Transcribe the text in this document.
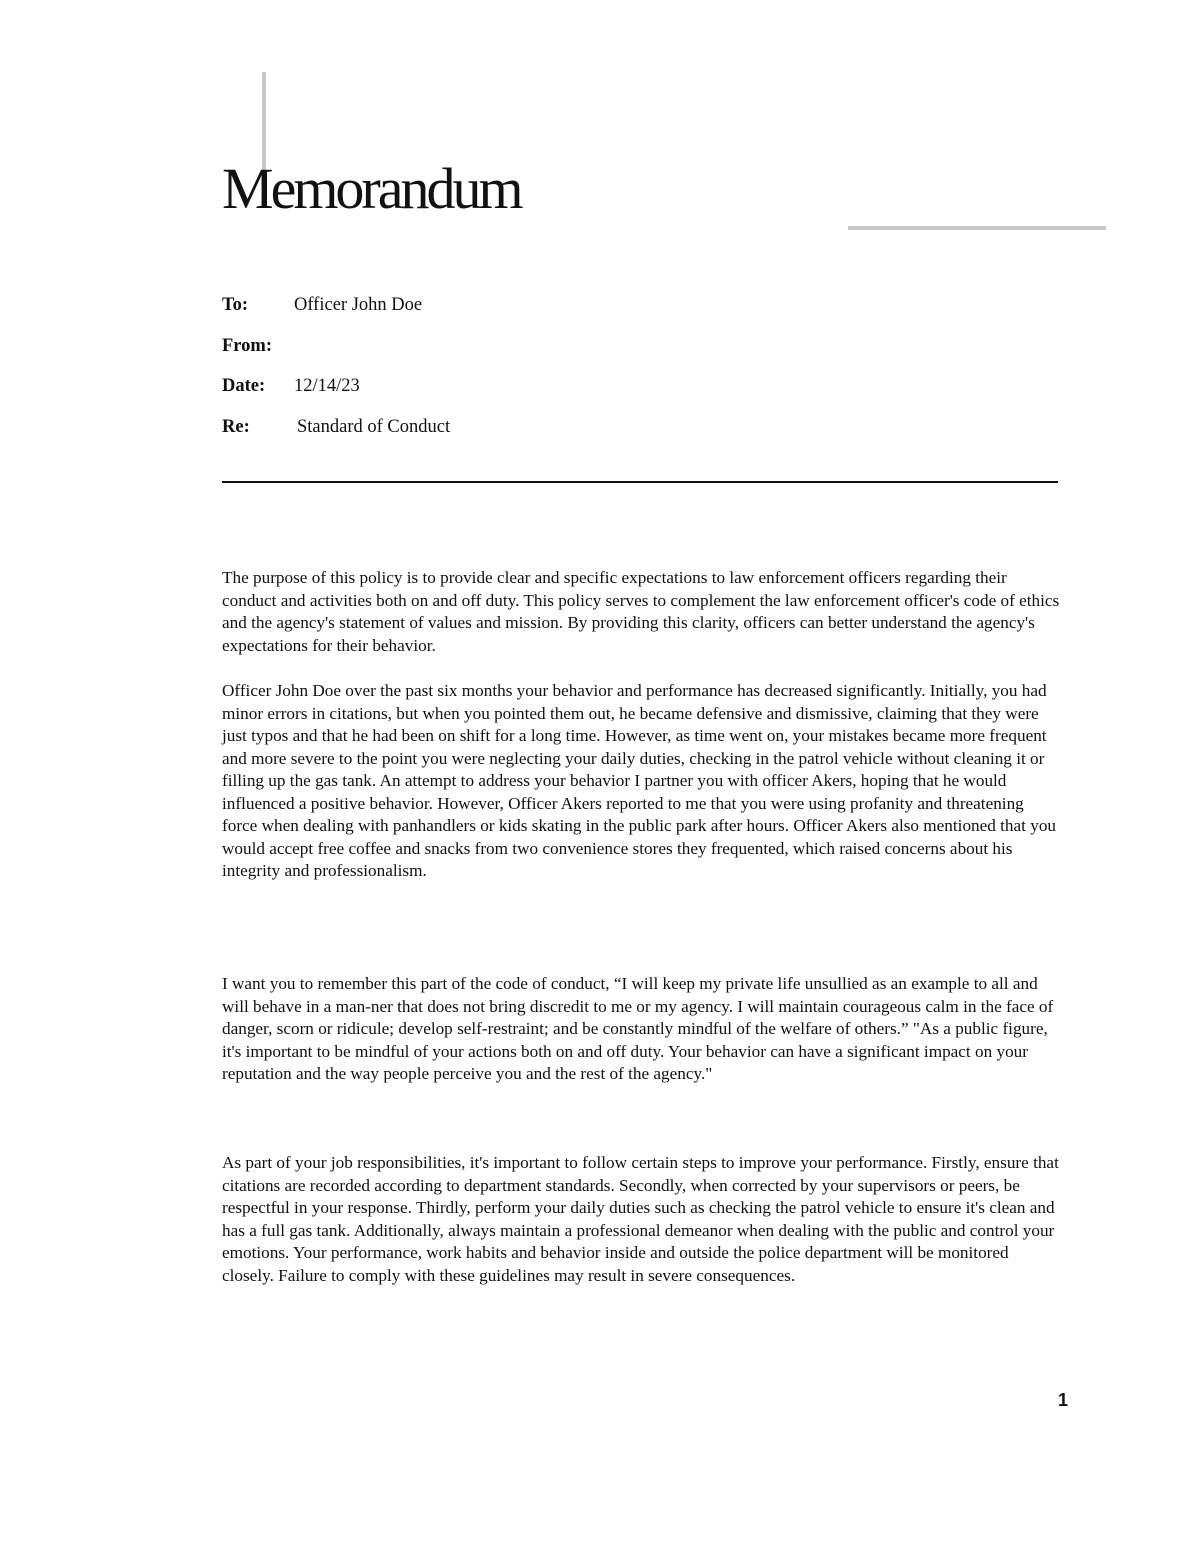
Memorandum
To: Officer John Doe
From:
Date: 12/14/23
Re:	Standard of Conduct

The purpose of this policy is to provide clear and specific expectations to law enforcement officers regarding their conduct and activities both on and off duty. This policy serves to complement the law enforcement officer's code of ethics and the agency's statement of values and mission. By providing this clarity, officers can better understand the agency's expectations for their behavior.

Officer John Doe over the past six months your behavior and performance has decreased significantly. Initially, you had minor errors in citations, but when you pointed them out, he became defensive and dismissive, claiming that they were just typos and that he had been on shift for a long time. However, as time went on, your mistakes became more frequent and more severe to the point you were neglecting your daily duties, checking in the patrol vehicle without cleaning it or filling up the gas tank. An attempt to address your behavior I partner you with officer Akers, hoping that he would influenced a positive behavior. However, Officer Akers reported to me that you were using profanity and threatening force when dealing with panhandlers or kids skating in the public park after hours. Officer Akers also mentioned that you would accept free coffee and snacks from two convenience stores they frequented, which raised concerns about his integrity and professionalism.

I want you to remember this part of the code of conduct, “I will keep my private life unsullied as an example to all and will behave in a man-ner that does not bring discredit to me or my agency. I will maintain courageous calm in the face of danger, scorn or ridicule; develop self-restraint; and be constantly mindful of the welfare of others.” "As a public figure, it's important to be mindful of your actions both on and off duty. Your behavior can have a significant impact on your reputation and the way people perceive you and the rest of the agency."

As part of your job responsibilities, it's important to follow certain steps to improve your performance. Firstly, ensure that citations are recorded according to department standards. Secondly, when corrected by your supervisors or peers, be respectful in your response. Thirdly, perform your daily duties such as checking the patrol vehicle to ensure it's clean and has a full gas tank. Additionally, always maintain a professional demeanor when dealing with the public and control your emotions. Your performance, work habits and behavior inside and outside the police department will be monitored closely. Failure to comply with these guidelines may result in severe consequences.

1
